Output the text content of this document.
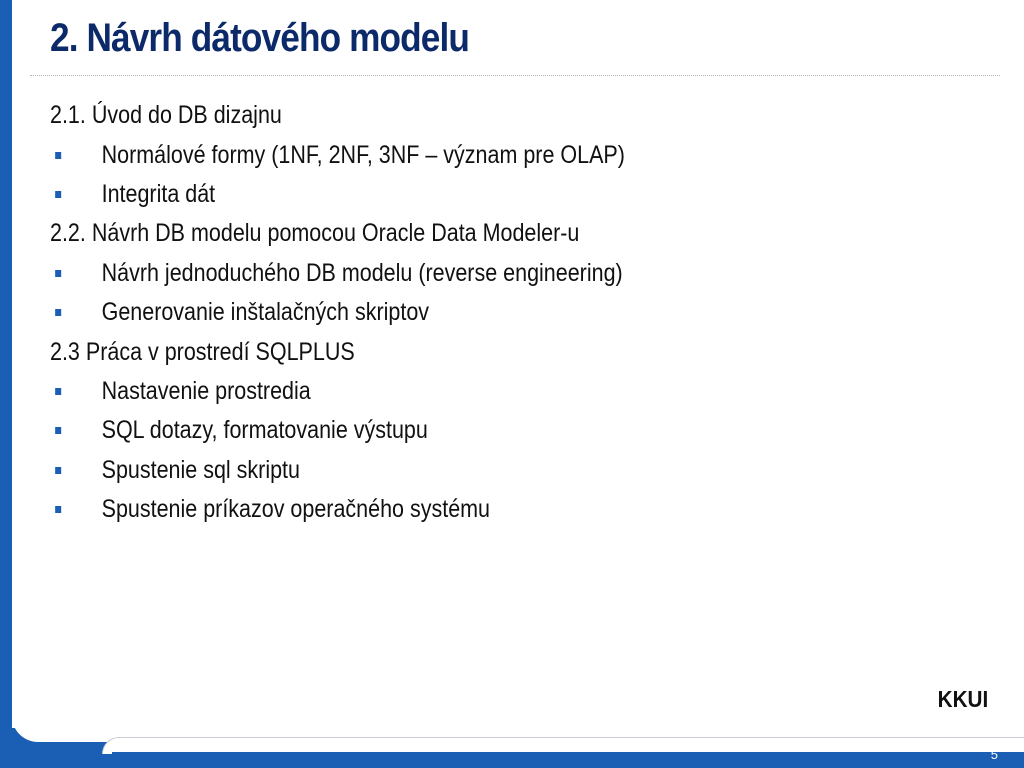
2. Návrh dátového modelu
2.1. Úvod do DB dizajnu
Normálové formy (1NF, 2NF, 3NF – význam pre OLAP)
Integrita dát
2.2. Návrh DB modelu pomocou Oracle Data Modeler-u
Návrh jednoduchého DB modelu (reverse engineering)
Generovanie inštalačných skriptov
2.3 Práca v prostredí SQLPLUS
Nastavenie prostredia
SQL dotazy, formatovanie výstupu
Spustenie sql skriptu
Spustenie príkazov operačného systému
KKUI
5
